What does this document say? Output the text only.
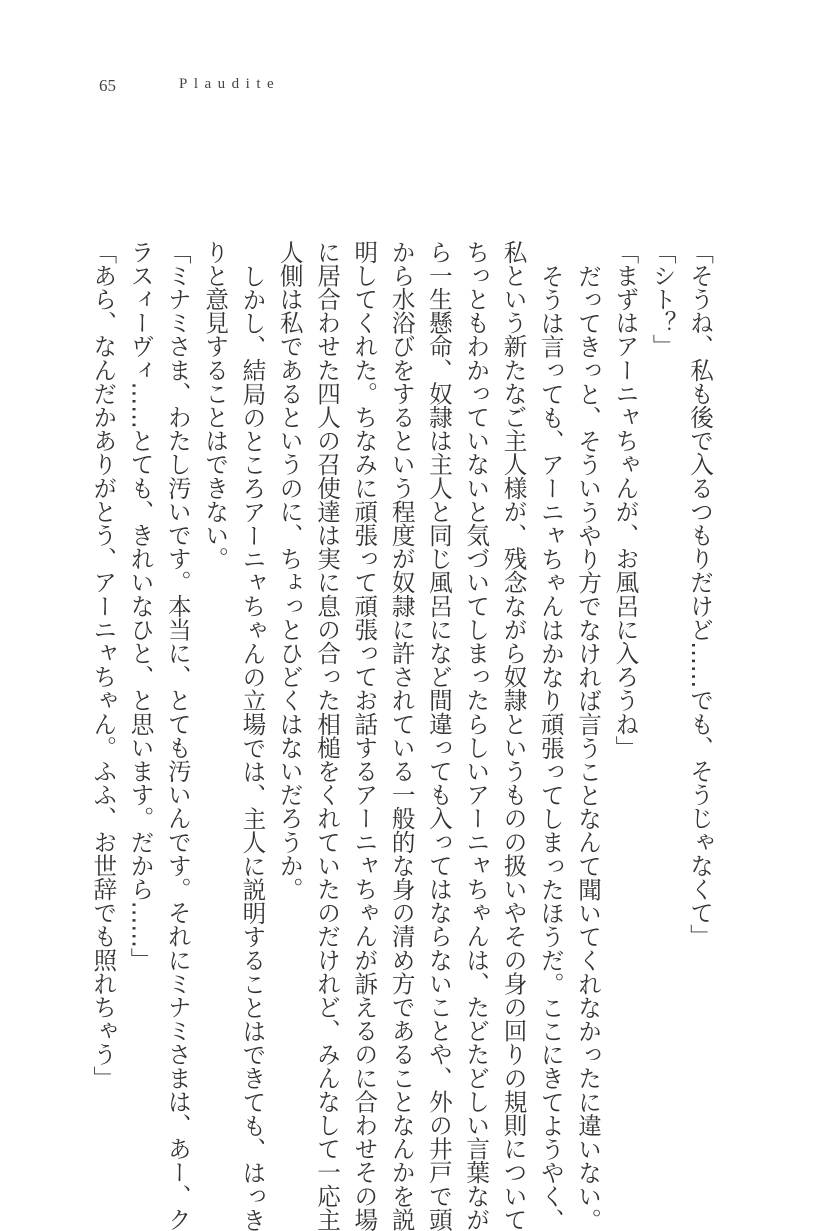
65	Plaudite
「そうね、私も後で入るつもりだけど……でも、そうじゃなくて」
「シト？」
「まずはアーニャちゃんが、お風呂に入ろうね」
だってきっと、そういうやり方でなければ言うことなんて聞いてくれなかったに違いない。
そうは言っても、アーニャちゃんはかなり頑張ってしまったほうだ。ここにきてようやく、
私という新たなご主人様が、残念ながら奴隷というものの扱いやその身の回りの規則について
ちっともわかっていないと気づいてしまったらしいアーニャちゃんは、たどたどしい言葉なが
ら一生懸命、奴隷は主人と同じ風呂になど間違っても入ってはならないことや、外の井戸で頭
から水浴びをするという程度が奴隷に許されている一般的な身の清め方であることなんかを説
明してくれた。ちなみに頑張って頑張ってお話するアーニャちゃんが訴えるのに合わせその場
に居合わせた四人の召使達は実に息の合った相槌をくれていたのだけれど、みんなして一応主
人側は私であるというのに、ちょっとひどくはないだろうか。
しかし、結局のところアーニャちゃんの立場では、主人に説明することはできても、はっき
りと意見することはできない。
「ミナミさま、わたし汚いです。本当に、とても汚いんです。それにミナミさまは、あー、ク
ラスィーヴィ……とても、きれいなひと、と思います。だから……」
「あら、なんだかありがとう、アーニャちゃん。ふふ、お世辞でも照れちゃう」
